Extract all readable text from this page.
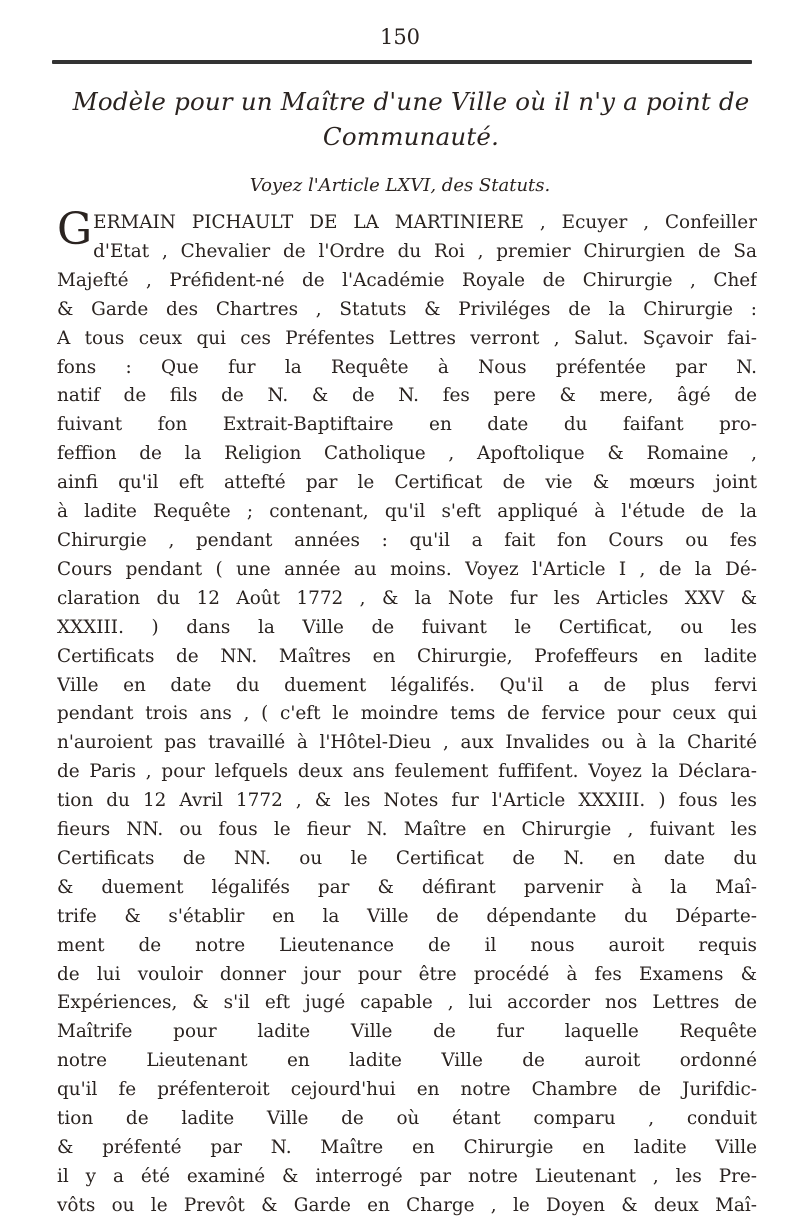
150
Modèle pour un Maître d'une Ville où il n'y a point de
Communauté.
Voyez l'Article LXVI, des Statuts.
G ERMAIN PICHAULT DE LA MARTINIERE , Ecuyer , Confeiller
d'Etat , Chevalier de l'Ordre du Roi , premier Chirurgien de Sa
Majefté , Préfident-né de l'Académie Royale de Chirurgie , Chef
& Garde des Chartres , Statuts & Priviléges de la Chirurgie :
A tous ceux qui ces Préfentes Lettres verront , Salut. Sçavoir fai-
fons : Que fur la Requête à Nous préfentée par N.
natif de fils de N. & de N. fes pere & mere, âgé de
fuivant fon Extrait-Baptiftaire en date du faifant pro-
feffion de la Religion Catholique , Apoftolique & Romaine ,
ainfi qu'il eft attefté par le Certificat de vie & mœurs joint
à ladite Requête ; contenant, qu'il s'eft appliqué à l'étude de la
Chirurgie , pendant années : qu'il a fait fon Cours ou fes
Cours pendant ( une année au moins. Voyez l'Article I , de la Dé-
claration du 12 Août 1772 , & la Note fur les Articles XXV &
XXXIII. ) dans la Ville de fuivant le Certificat, ou les
Certificats de NN. Maîtres en Chirurgie, Profeffeurs en ladite
Ville en date du duement légalifés. Qu'il a de plus fervi
pendant trois ans , ( c'eft le moindre tems de fervice pour ceux qui
n'auroient pas travaillé à l'Hôtel-Dieu , aux Invalides ou à la Charité
de Paris , pour lefquels deux ans feulement fuffifent. Voyez la Déclara-
tion du 12 Avril 1772 , & les Notes fur l'Article XXXIII. ) fous les
fieurs NN. ou fous le fieur N. Maître en Chirurgie , fuivant les
Certificats de NN. ou le Certificat de N. en date du
& duement légalifés par & défirant parvenir à la Maî-
trife & s'établir en la Ville de dépendante du Départe-
ment de notre Lieutenance de il nous auroit requis
de lui vouloir donner jour pour être procédé à fes Examens &
Expériences, & s'il eft jugé capable , lui accorder nos Lettres de
Maîtrife pour ladite Ville de fur laquelle Requête
notre Lieutenant en ladite Ville de auroit ordonné
qu'il fe préfenteroit cejourd'hui en notre Chambre de Jurifdic-
tion de ladite Ville de où étant comparu , conduit
& préfenté par N. Maître en Chirurgie en ladite Ville
il y a été examiné & interrogé par notre Lieutenant , les Pre-
vôts ou le Prevôt & Garde en Charge , le Doyen & deux Maî-
